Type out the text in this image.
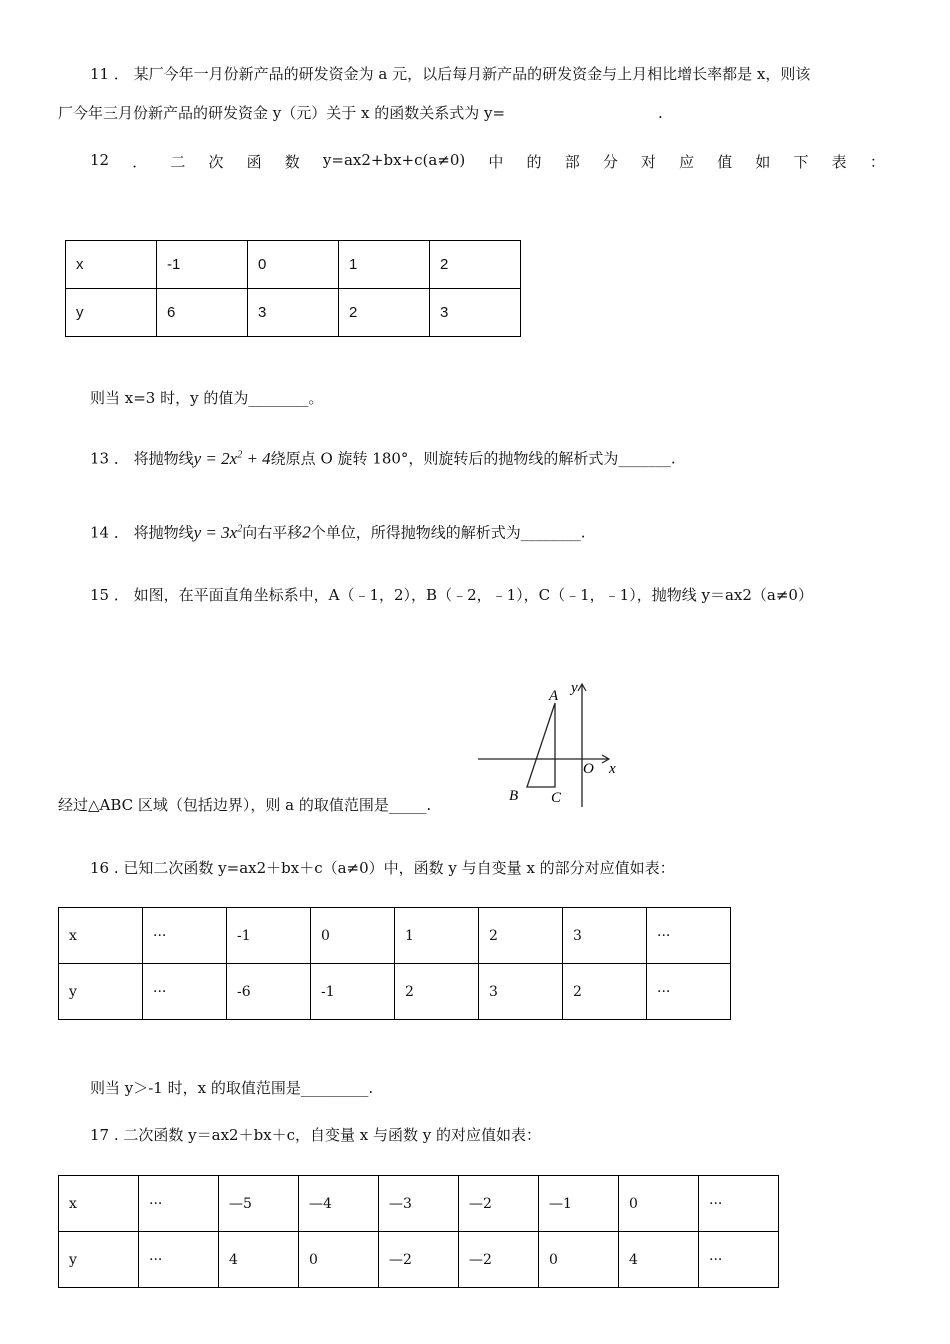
11 ． 某厂今年一月份新产品的研发资金为 a 元，以后每月新产品的研发资金与上月相比增长率都是 x，则该
厂今年三月份新产品的研发资金 y（元）关于 x 的函数关系式为 y=	.
12 ． 二 次 函 数 y=ax2+bx+c(a≠0) 中 的 部 分 对 应 值 如 下 表 ：
x	-1	0	1	2
y	6	3	2	3
则当 x=3 时，y 的值为________。
13 ． 将抛物线$y = 2x^2 + 4$绕原点 O 旋转 180°，则旋转后的抛物线的解析式为_______.
14 ． 将抛物线$y = 3x^2$向右平移2个单位，所得抛物线的解析式为________.
15 ． 如图，在平面直角坐标系中，A（﹣1，2），B（﹣2，﹣1），C（﹣1，﹣1），抛物线 y＝ax2（a≠0）
A
B C
O x
y
经过△ABC 区域（包括边界），则 a 的取值范围是_____.
16 . 已知二次函数 y=ax2＋bx＋c（a≠0）中，函数 y 与自变量 x 的部分对应值如表：
x	···	-1	0	1	2	3	···
y	···	-6	-1	2	3	2	···
则当 y＞-1 时，x 的取值范围是_________.
17 . 二次函数 y＝ax2＋bx＋c，自变量 x 与函数 y 的对应值如表：
x	···	—5	—4	—3	—2	—1	0	···
y	···	4	0	—2	—2	0	4	···
